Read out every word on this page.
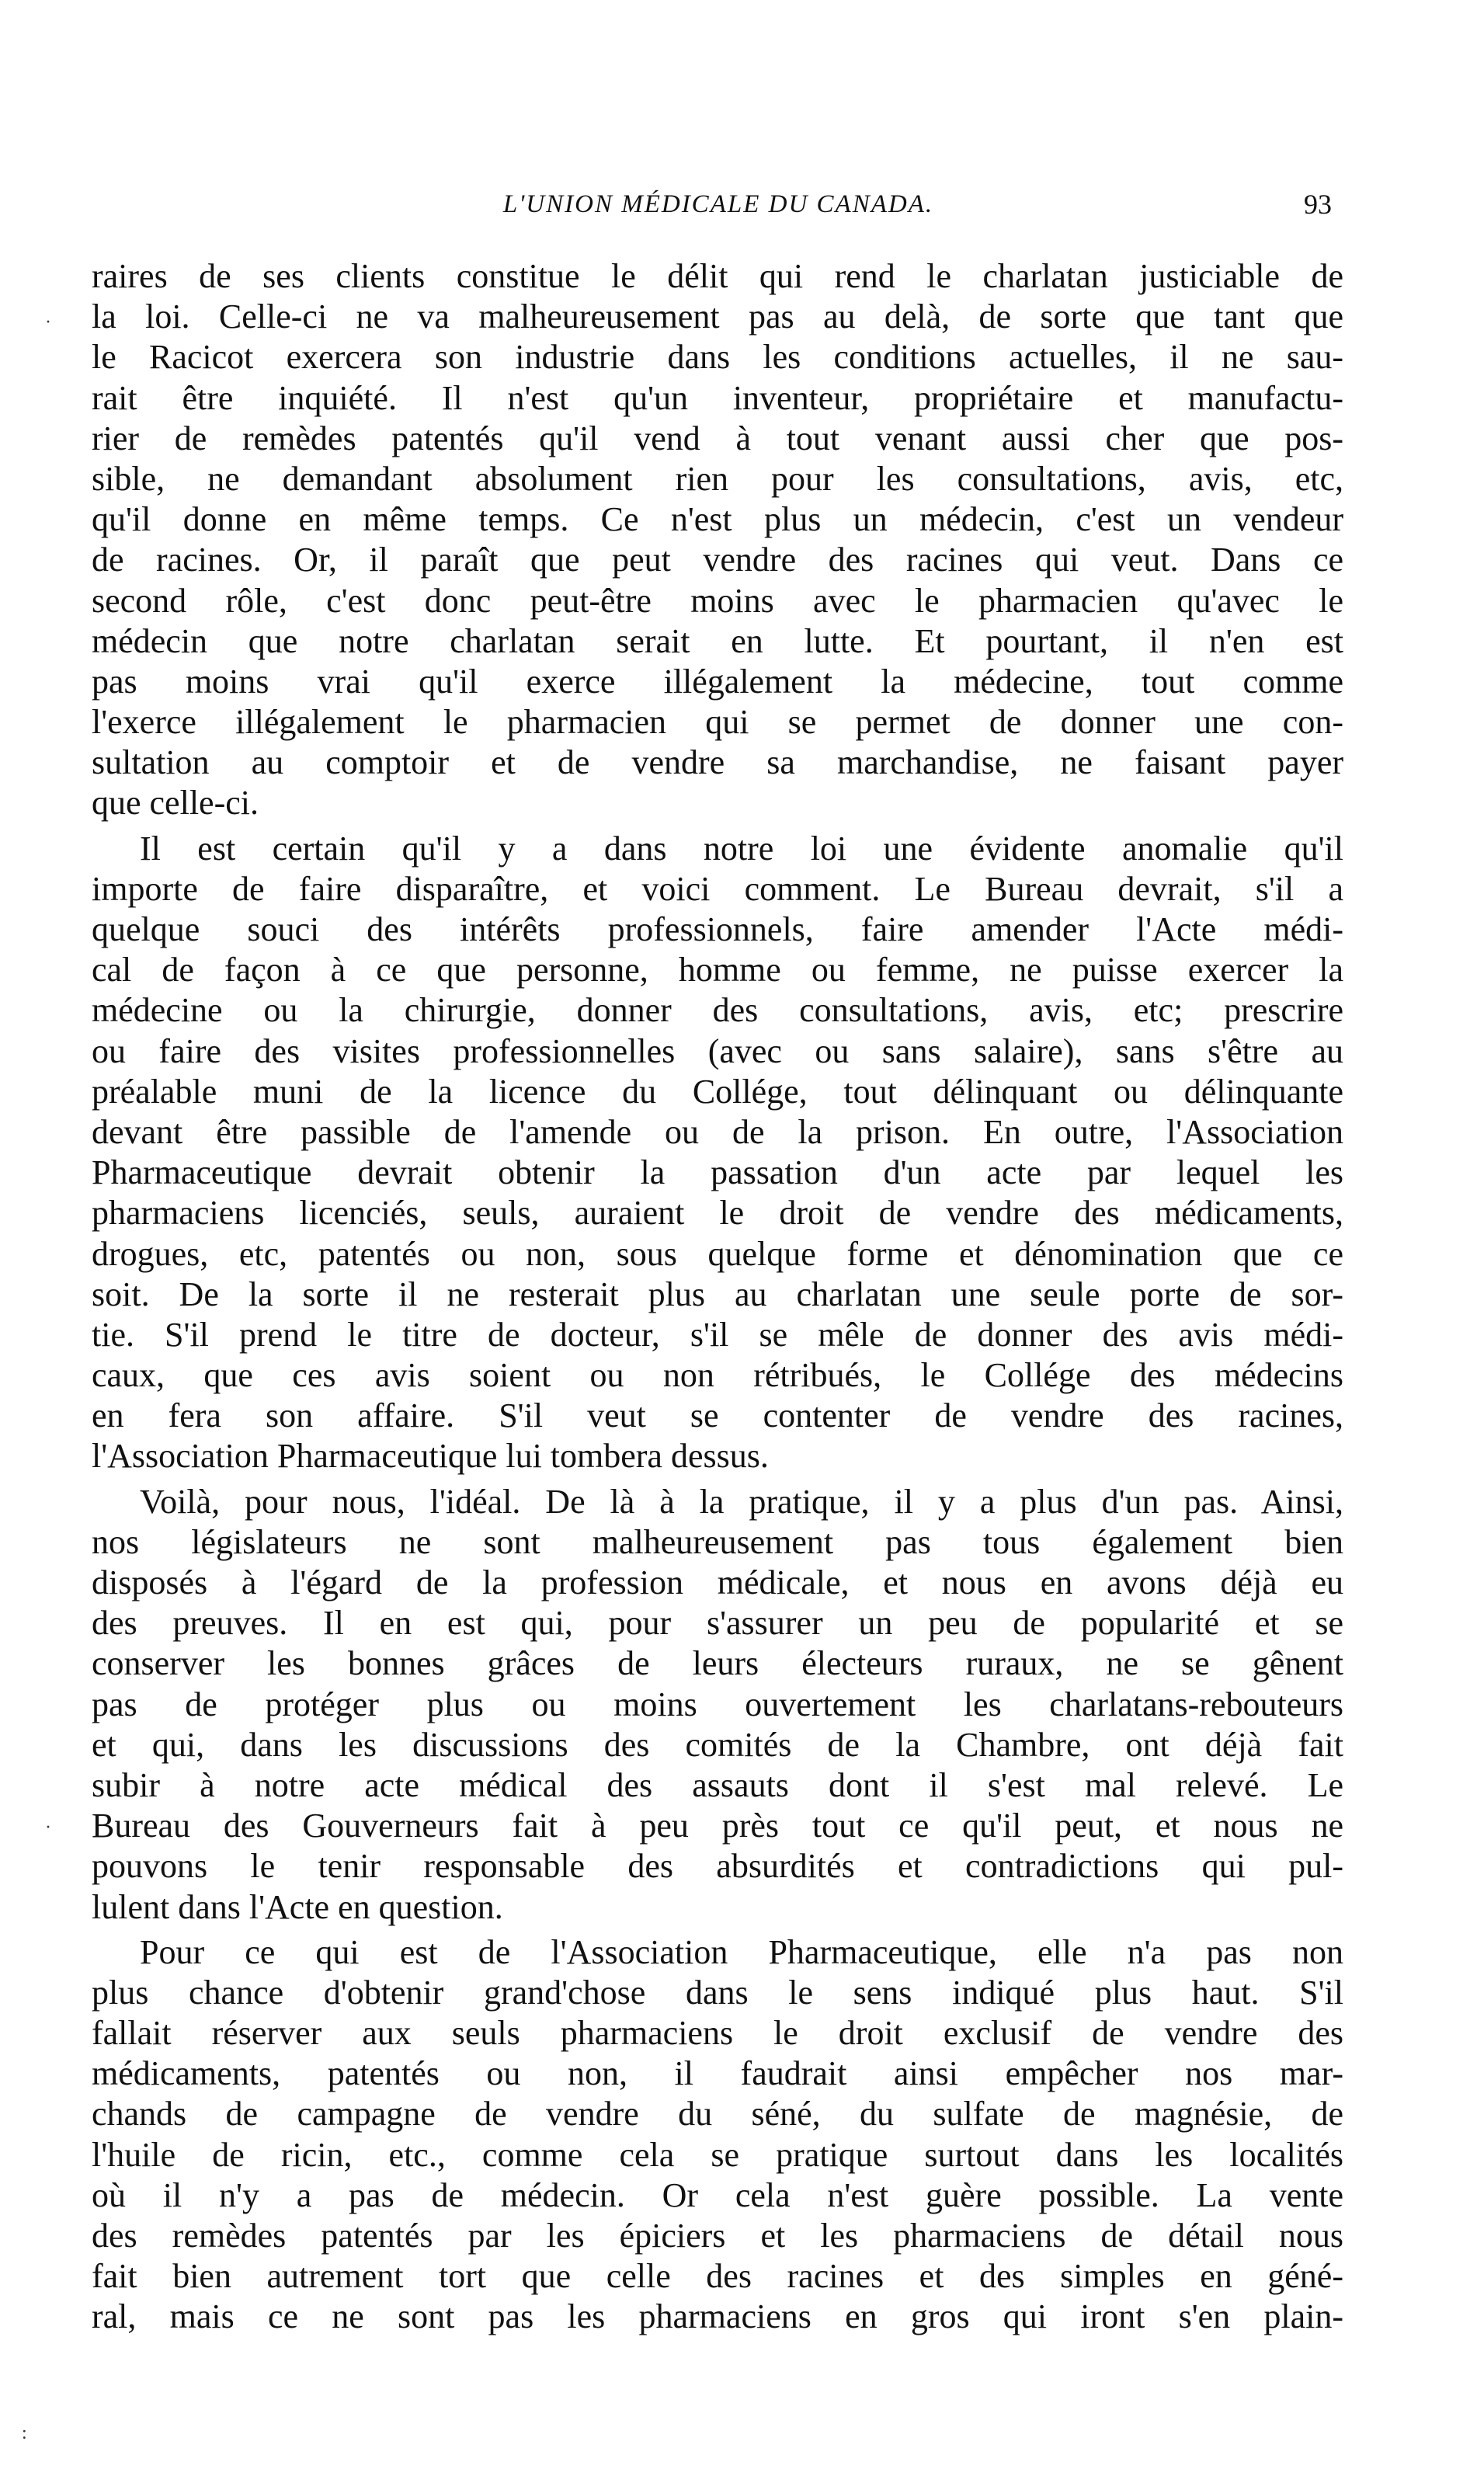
L'UNION MÉDICALE DU CANADA.	93
raires de ses clients constitue le délit qui rend le charlatan justiciable de
la loi. Celle-ci ne va malheureusement pas au delà, de sorte que tant que
le Racicot exercera son industrie dans les conditions actuelles, il ne sau-
rait être inquiété. Il n'est qu'un inventeur, propriétaire et manufactu-
rier de remèdes patentés qu'il vend à tout venant aussi cher que pos-
sible, ne demandant absolument rien pour les consultations, avis, etc,
qu'il donne en même temps. Ce n'est plus un médecin, c'est un vendeur
de racines. Or, il paraît que peut vendre des racines qui veut. Dans ce
second rôle, c'est donc peut-être moins avec le pharmacien qu'avec le
médecin que notre charlatan serait en lutte. Et pourtant, il n'en est
pas moins vrai qu'il exerce illégalement la médecine, tout comme
l'exerce illégalement le pharmacien qui se permet de donner une con-
sultation au comptoir et de vendre sa marchandise, ne faisant payer
que celle-ci.
Il est certain qu'il y a dans notre loi une évidente anomalie qu'il
importe de faire disparaître, et voici comment. Le Bureau devrait, s'il a
quelque souci des intérêts professionnels, faire amender l'Acte médi-
cal de façon à ce que personne, homme ou femme, ne puisse exercer la
médecine ou la chirurgie, donner des consultations, avis, etc; prescrire
ou faire des visites professionnelles (avec ou sans salaire), sans s'être au
préalable muni de la licence du Collége, tout délinquant ou délinquante
devant être passible de l'amende ou de la prison. En outre, l'Association
Pharmaceutique devrait obtenir la passation d'un acte par lequel les
pharmaciens licenciés, seuls, auraient le droit de vendre des médicaments,
drogues, etc, patentés ou non, sous quelque forme et dénomination que ce
soit. De la sorte il ne resterait plus au charlatan une seule porte de sor-
tie. S'il prend le titre de docteur, s'il se mêle de donner des avis médi-
caux, que ces avis soient ou non rétribués, le Collége des médecins
en fera son affaire. S'il veut se contenter de vendre des racines,
l'Association Pharmaceutique lui tombera dessus.
Voilà, pour nous, l'idéal. De là à la pratique, il y a plus d'un pas. Ainsi,
nos législateurs ne sont malheureusement pas tous également bien
disposés à l'égard de la profession médicale, et nous en avons déjà eu
des preuves. Il en est qui, pour s'assurer un peu de popularité et se
conserver les bonnes grâces de leurs électeurs ruraux, ne se gênent
pas de protéger plus ou moins ouvertement les charlatans-rebouteurs
et qui, dans les discussions des comités de la Chambre, ont déjà fait
subir à notre acte médical des assauts dont il s'est mal relevé. Le
Bureau des Gouverneurs fait à peu près tout ce qu'il peut, et nous ne
pouvons le tenir responsable des absurdités et contradictions qui pul-
lulent dans l'Acte en question.
Pour ce qui est de l'Association Pharmaceutique, elle n'a pas non
plus chance d'obtenir grand'chose dans le sens indiqué plus haut. S'il
fallait réserver aux seuls pharmaciens le droit exclusif de vendre des
médicaments, patentés ou non, il faudrait ainsi empêcher nos mar-
chands de campagne de vendre du séné, du sulfate de magnésie, de
l'huile de ricin, etc., comme cela se pratique surtout dans les localités
où il n'y a pas de médecin. Or cela n'est guère possible. La vente
des remèdes patentés par les épiciers et les pharmaciens de détail nous
fait bien autrement tort que celle des racines et des simples en géné-
ral, mais ce ne sont pas les pharmaciens en gros qui iront s'en plain-
·
·
:
